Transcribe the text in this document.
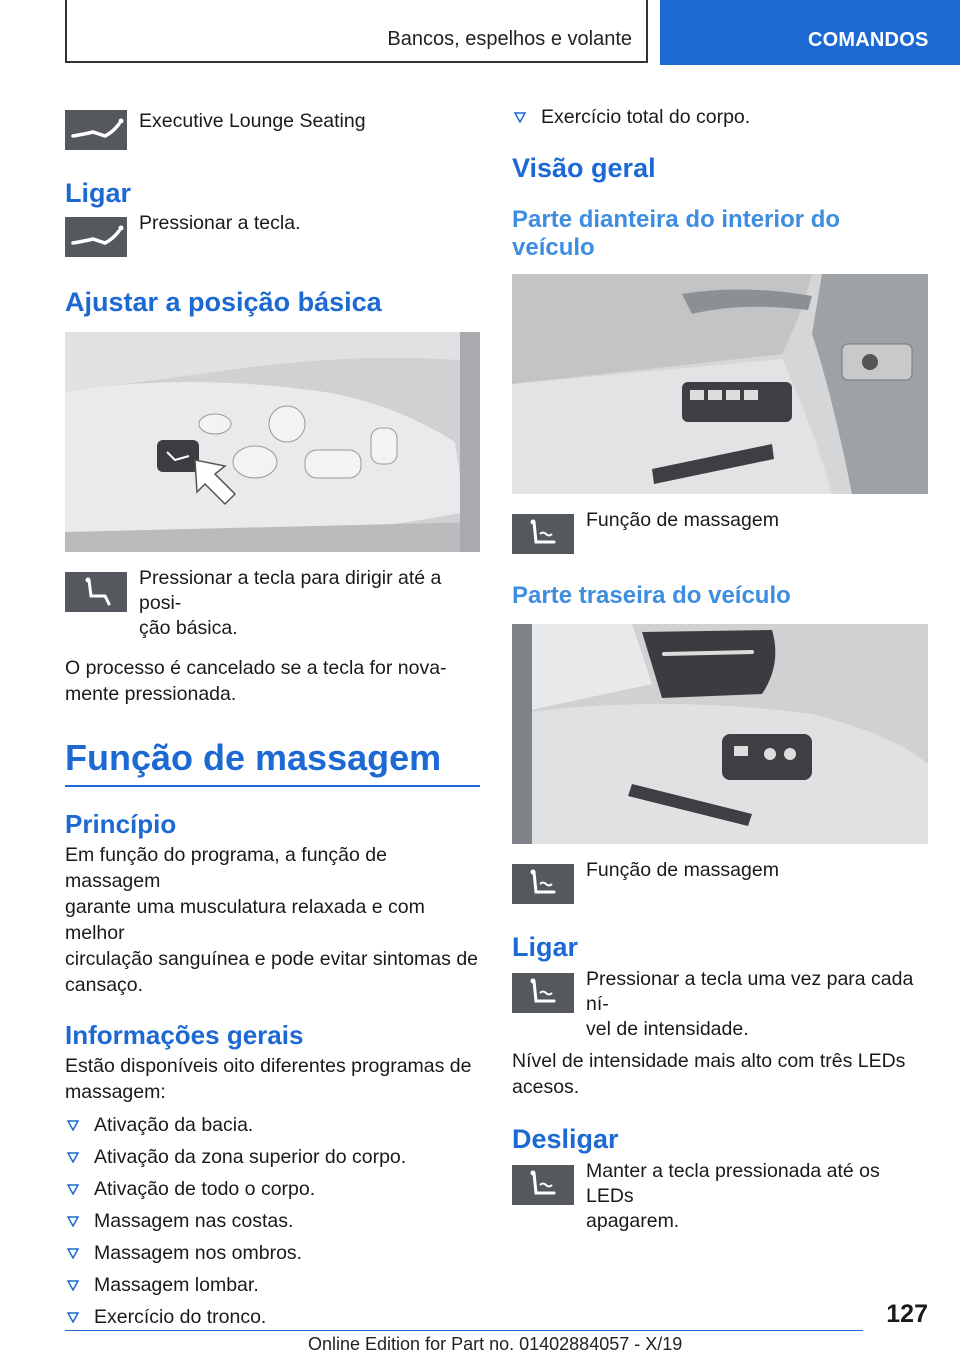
Bancos, espelhos e volante	COMANDOS
Executive Lounge Seating
Ligar
Pressionar a tecla.
Ajustar a posição básica
Pressionar a tecla para dirigir até a posi‐
ção básica.

O processo é cancelado se a tecla for nova‐
mente pressionada.

Função de massagem
Princípio

Em função do programa, a função de massagem
garante uma musculatura relaxada e com melhor
circulação sanguínea e pode evitar sintomas de
cansaço.

Informações gerais

Estão disponíveis oito diferentes programas de
massagem:

Ativação da bacia.
Ativação da zona superior do corpo.
Ativação de todo o corpo.
Massagem nas costas.
Massagem nos ombros.
Massagem lombar.
Exercício do tronco.
Exercício total do corpo.
Visão geral
Parte dianteira do interior do veículo
Função de massagem
Parte traseira do veículo
Função de massagem
Ligar
Pressionar a tecla uma vez para cada ní‐
vel de intensidade.

Nível de intensidade mais alto com três LEDs
acesos.

Desligar
Manter a tecla pressionada até os LEDs
apagarem.
127
Online Edition for Part no. 01402884057 - X/19
